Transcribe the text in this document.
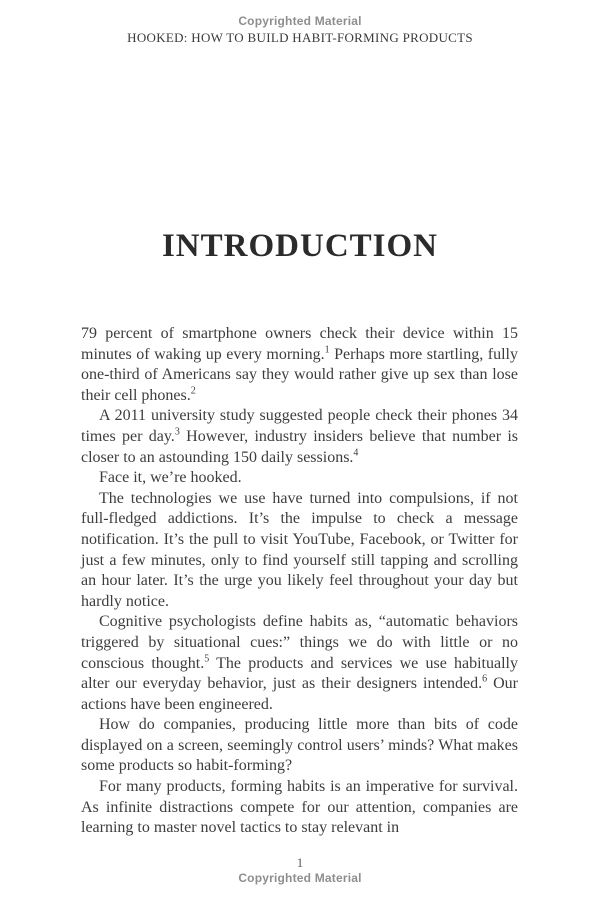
Copyrighted Material
HOOKED: HOW TO BUILD HABIT-FORMING PRODUCTS
INTRODUCTION

79 percent of smartphone owners check their device within 15 minutes of waking up every morning.$^1$ Perhaps more startling, fully one-third of Americans say they would rather give up sex than lose their cell phones.$^2$

A 2011 university study suggested people check their phones 34 times per day.$^3$ However, industry insiders believe that number is closer to an astounding 150 daily sessions.$^4$

Face it, we’re hooked.

The technologies we use have turned into compulsions, if not full-fledged addictions. It’s the impulse to check a message notification. It’s the pull to visit YouTube, Facebook, or Twitter for just a few minutes, only to find yourself still tapping and scrolling an hour later. It’s the urge you likely feel throughout your day but hardly notice.

Cognitive psychologists define habits as, “automatic behaviors triggered by situational cues:” things we do with little or no conscious thought.$^5$ The products and services we use habitually alter our everyday behavior, just as their designers intended.$^6$ Our actions have been engineered.

How do companies, producing little more than bits of code displayed on a screen, seemingly control users’ minds? What makes some products so habit-forming?

For many products, forming habits is an imperative for survival. As infinite distractions compete for our attention, companies are learning to master novel tactics to stay relevant in

1
Copyrighted Material
